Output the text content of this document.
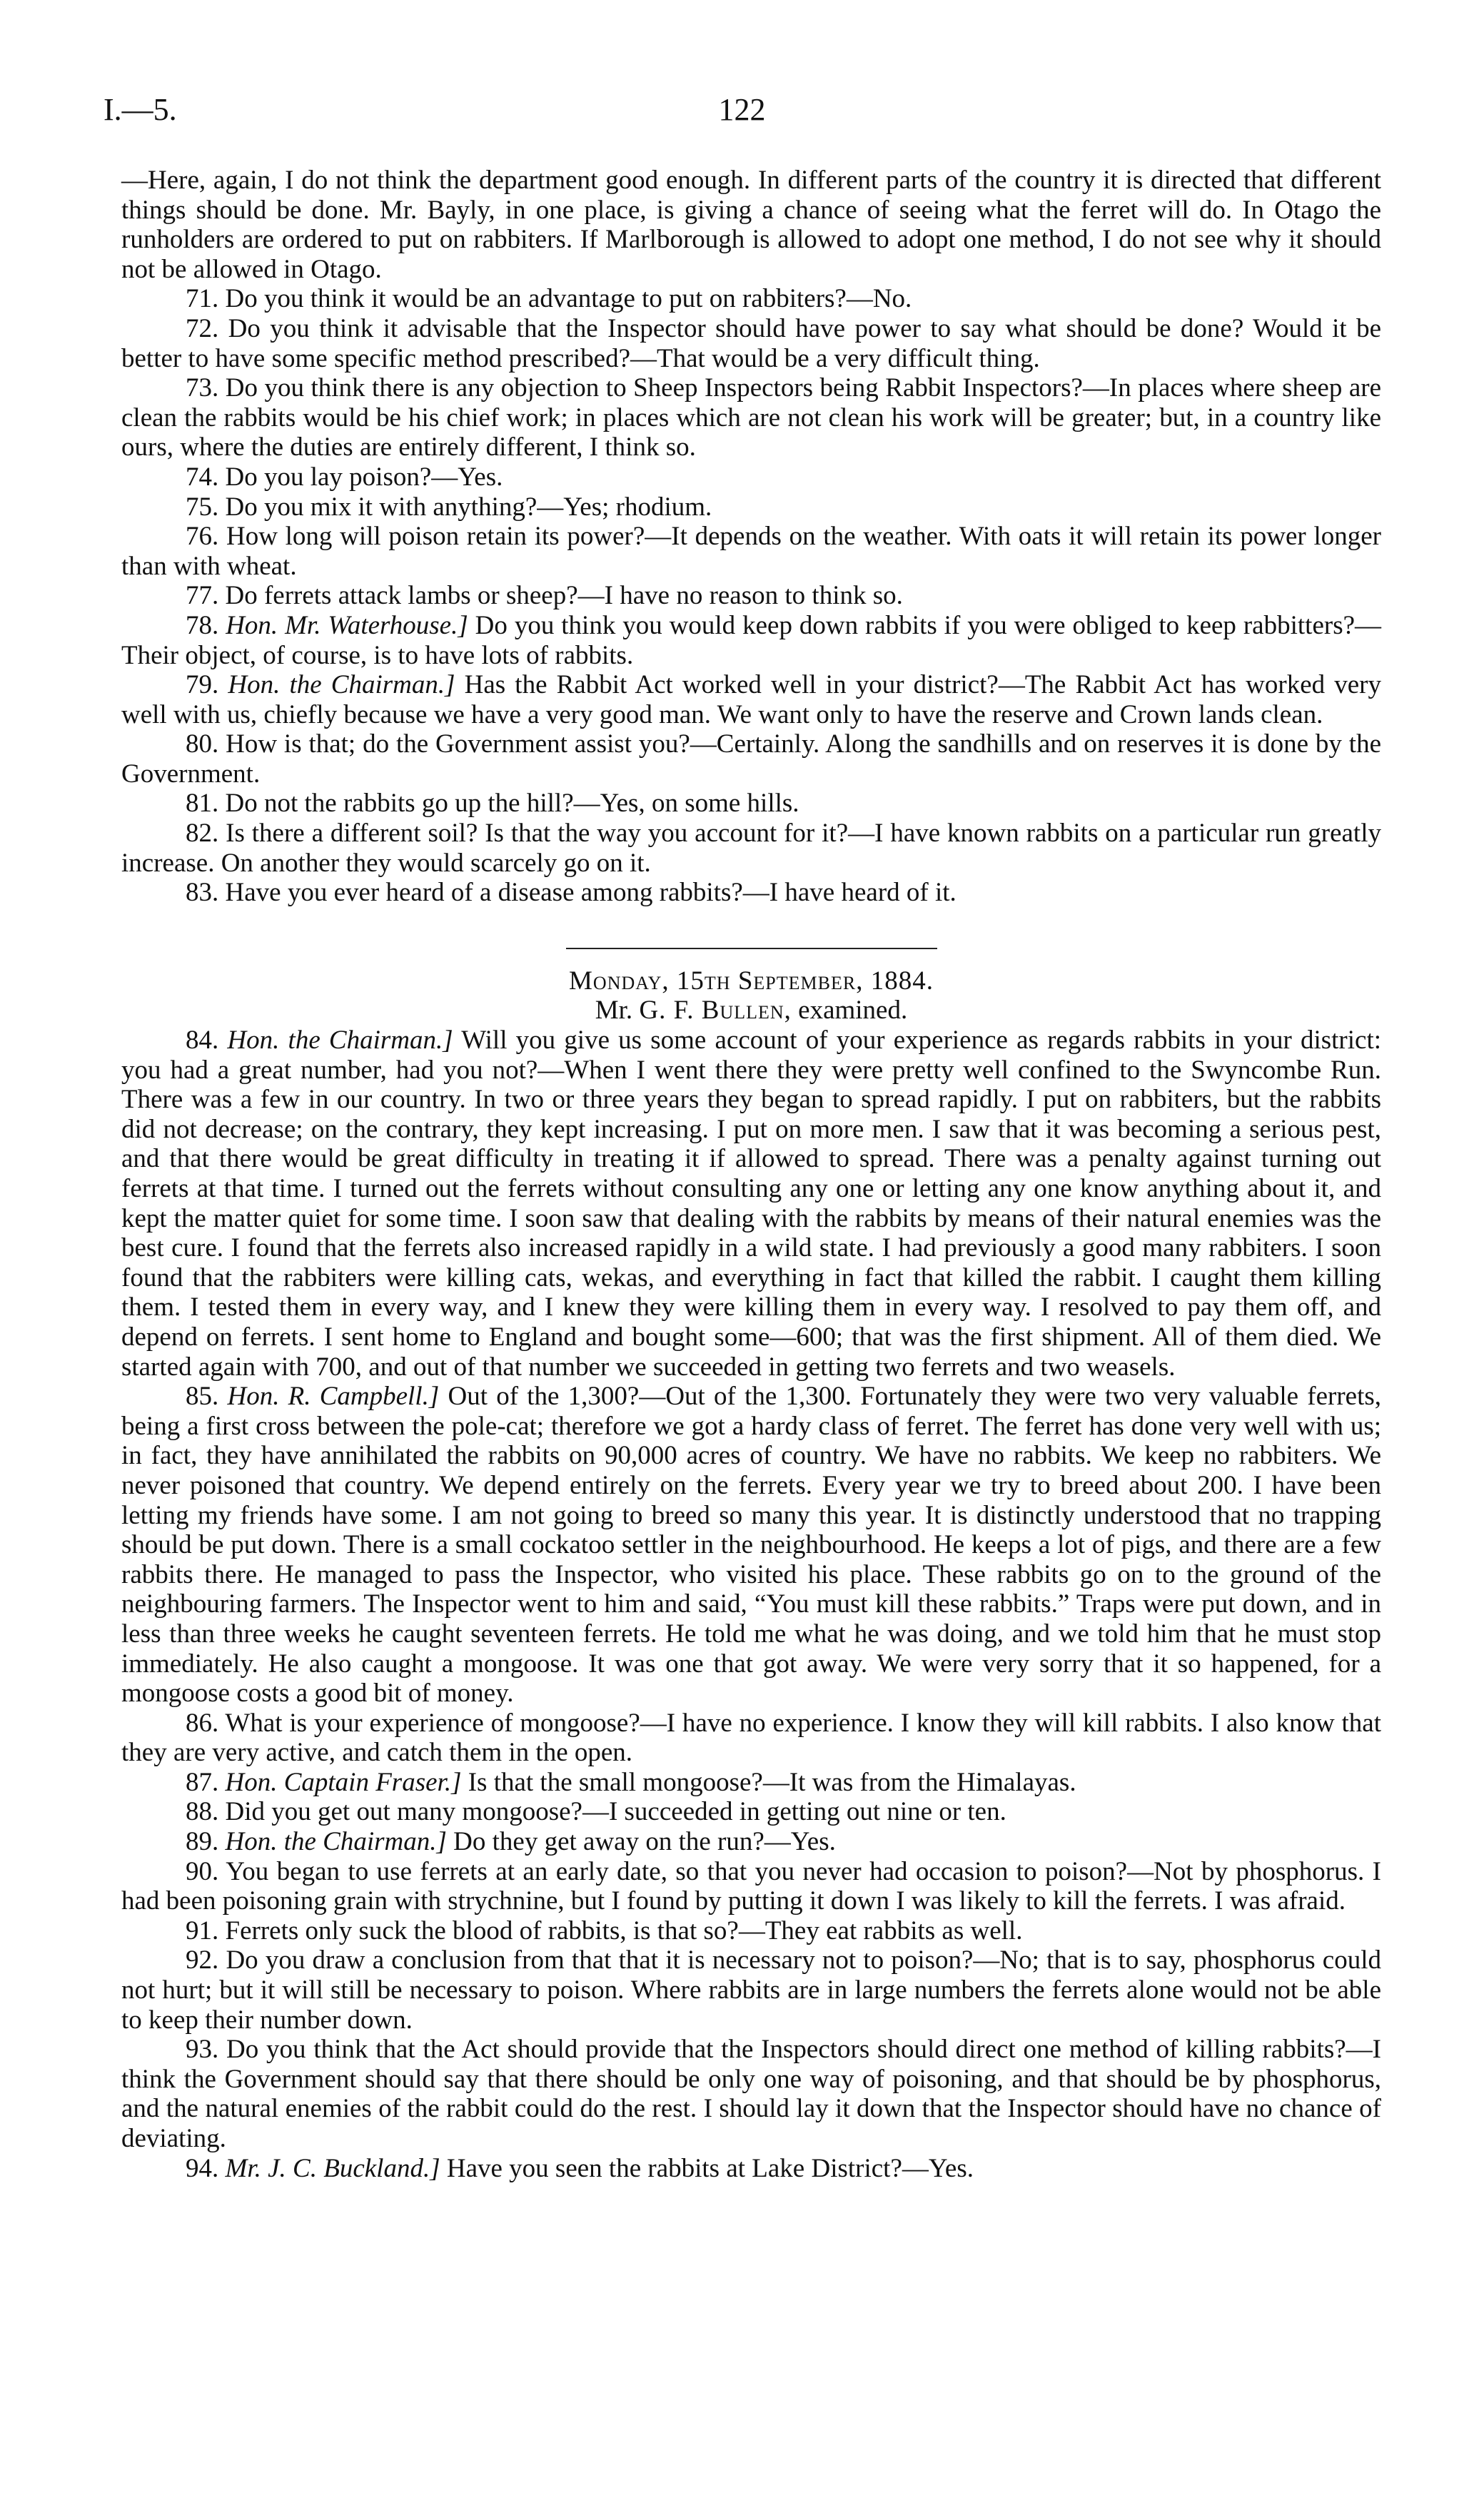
I.—5.	122

—Here, again, I do not think the department good enough. In different parts of the country it is directed that different things should be done. Mr. Bayly, in one place, is giving a chance of seeing what the ferret will do. In Otago the runholders are ordered to put on rabbiters. If Marlborough is allowed to adopt one method, I do not see why it should not be allowed in Otago.

71. Do you think it would be an advantage to put on rabbiters?—No.

72. Do you think it advisable that the Inspector should have power to say what should be done? Would it be better to have some specific method prescribed?—That would be a very difficult thing.

73. Do you think there is any objection to Sheep Inspectors being Rabbit Inspectors?—In places where sheep are clean the rabbits would be his chief work; in places which are not clean his work will be greater; but, in a country like ours, where the duties are entirely different, I think so.

74. Do you lay poison?—Yes.

75. Do you mix it with anything?—Yes; rhodium.

76. How long will poison retain its power?—It depends on the weather. With oats it will retain its power longer than with wheat.

77. Do ferrets attack lambs or sheep?—I have no reason to think so.

78. Hon. Mr. Waterhouse.] Do you think you would keep down rabbits if you were obliged to keep rabbitters?—Their object, of course, is to have lots of rabbits.

79. Hon. the Chairman.] Has the Rabbit Act worked well in your district?—The Rabbit Act has worked very well with us, chiefly because we have a very good man. We want only to have the reserve and Crown lands clean.

80. How is that; do the Government assist you?—Certainly. Along the sandhills and on reserves it is done by the Government.

81. Do not the rabbits go up the hill?—Yes, on some hills.

82. Is there a different soil? Is that the way you account for it?—I have known rabbits on a particular run greatly increase. On another they would scarcely go on it.

83. Have you ever heard of a disease among rabbits?—I have heard of it.

Monday, 15th September, 1884.

Mr. G. F. Bullen, examined.

84. Hon. the Chairman.] Will you give us some account of your experience as regards rabbits in your district: you had a great number, had you not?—When I went there they were pretty well confined to the Swyncombe Run. There was a few in our country. In two or three years they began to spread rapidly. I put on rabbiters, but the rabbits did not decrease; on the contrary, they kept increasing. I put on more men. I saw that it was becoming a serious pest, and that there would be great difficulty in treating it if allowed to spread. There was a penalty against turning out ferrets at that time. I turned out the ferrets without consulting any one or letting any one know anything about it, and kept the matter quiet for some time. I soon saw that dealing with the rabbits by means of their natural enemies was the best cure. I found that the ferrets also increased rapidly in a wild state. I had previously a good many rabbiters. I soon found that the rabbiters were killing cats, wekas, and everything in fact that killed the rabbit. I caught them killing them. I tested them in every way, and I knew they were killing them in every way. I resolved to pay them off, and depend on ferrets. I sent home to England and bought some—600; that was the first shipment. All of them died. We started again with 700, and out of that number we succeeded in getting two ferrets and two weasels.

85. Hon. R. Campbell.] Out of the 1,300?—Out of the 1,300. Fortunately they were two very valuable ferrets, being a first cross between the pole-cat; therefore we got a hardy class of ferret. The ferret has done very well with us; in fact, they have annihilated the rabbits on 90,000 acres of country. We have no rabbits. We keep no rabbiters. We never poisoned that country. We depend entirely on the ferrets. Every year we try to breed about 200. I have been letting my friends have some. I am not going to breed so many this year. It is distinctly understood that no trapping should be put down. There is a small cockatoo settler in the neighbourhood. He keeps a lot of pigs, and there are a few rabbits there. He managed to pass the Inspector, who visited his place. These rabbits go on to the ground of the neighbouring farmers. The Inspector went to him and said, “You must kill these rabbits.” Traps were put down, and in less than three weeks he caught seventeen ferrets. He told me what he was doing, and we told him that he must stop immediately. He also caught a mongoose. It was one that got away. We were very sorry that it so happened, for a mongoose costs a good bit of money.

86. What is your experience of mongoose?—I have no experience. I know they will kill rabbits. I also know that they are very active, and catch them in the open.

87. Hon. Captain Fraser.] Is that the small mongoose?—It was from the Himalayas.

88. Did you get out many mongoose?—I succeeded in getting out nine or ten.

89. Hon. the Chairman.] Do they get away on the run?—Yes.

90. You began to use ferrets at an early date, so that you never had occasion to poison?—Not by phosphorus. I had been poisoning grain with strychnine, but I found by putting it down I was likely to kill the ferrets. I was afraid.

91. Ferrets only suck the blood of rabbits, is that so?—They eat rabbits as well.

92. Do you draw a conclusion from that that it is necessary not to poison?—No; that is to say, phosphorus could not hurt; but it will still be necessary to poison. Where rabbits are in large numbers the ferrets alone would not be able to keep their number down.

93. Do you think that the Act should provide that the Inspectors should direct one method of killing rabbits?—I think the Government should say that there should be only one way of poisoning, and that should be by phosphorus, and the natural enemies of the rabbit could do the rest. I should lay it down that the Inspector should have no chance of deviating.

94. Mr. J. C. Buckland.] Have you seen the rabbits at Lake District?—Yes.
